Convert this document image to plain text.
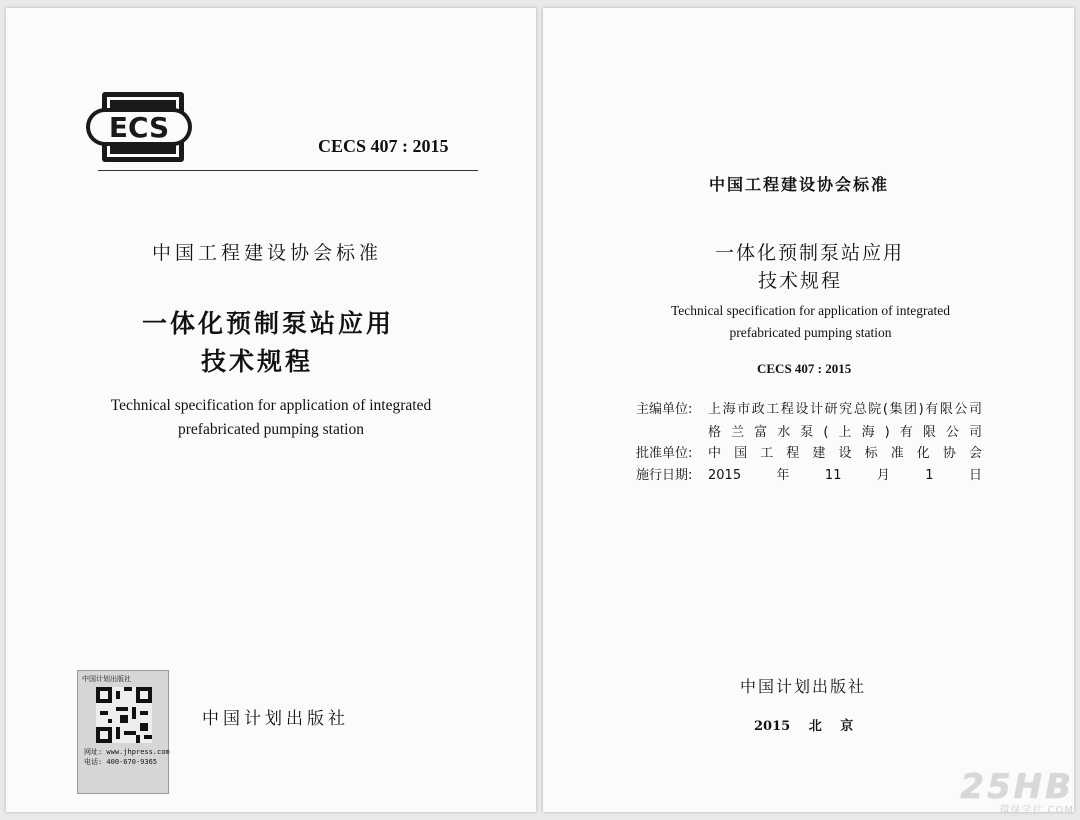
ECS
CECS 407 : 2015
中国工程建设协会标准
一体化预制泵站应用
技术规程
Technical specification for application of integrated
prefabricated pumping station
中国计划出版社
网址: www.jhpress.com
电话: 400-670-9365
中国计划出版社
中国工程建设协会标准
一体化预制泵站应用
技术规程
Technical specification for application of integrated
prefabricated pumping station
CECS 407 : 2015
主编单位: 上海市政工程设计研究总院(集团)有限公司
格兰富水泵(上海)有限公司
批准单位: 中国工程建设标准化协会
施行日期: 2015年11月1日
中国计划出版社
2015 北 京
25HB
環保学社.COM
